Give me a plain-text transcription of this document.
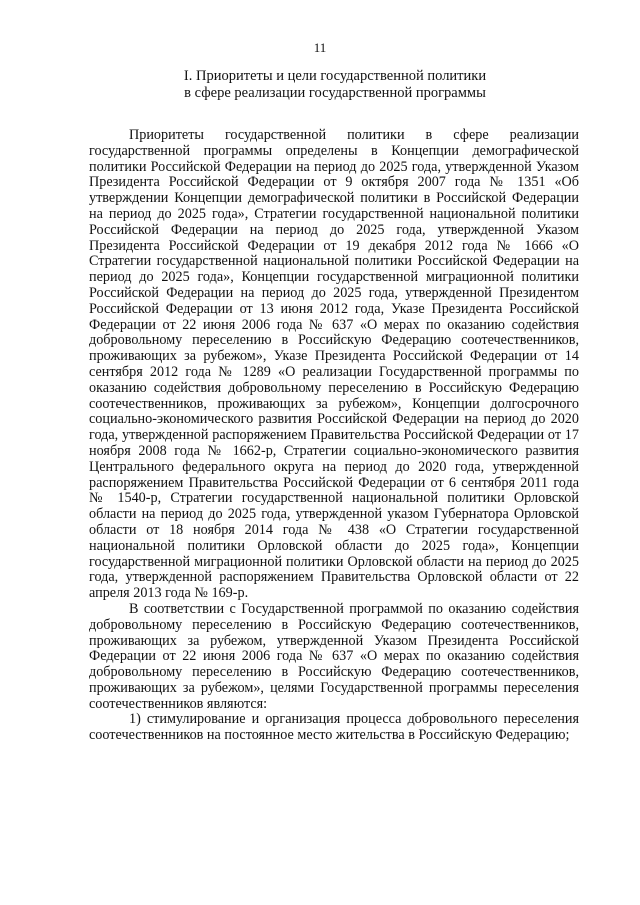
11
I. Приоритеты и цели государственной политики
в сфере реализации государственной программы

Приоритеты государственной политики в сфере реализации государственной программы определены в Концепции демографической политики Российской Федерации на период до 2025 года, утвержденной Указом Президента Российской Федерации от 9 октября 2007 года № 1351 «Об утверждении Концепции демографической политики в Российской Федерации на период до 2025 года», Стратегии государственной национальной политики Российской Федерации на период до 2025 года, утвержденной Указом Президента Российской Федерации от 19 декабря 2012 года № 1666 «О Стратегии государственной национальной политики Российской Федерации на период до 2025 года», Концепции государственной миграционной политики Российской Федерации на период до 2025 года, утвержденной Президентом Российской Федерации от 13 июня 2012 года, Указе Президента Российской Федерации от 22 июня 2006 года № 637 «О мерах по оказанию содействия добровольному переселению в Российскую Федерацию соотечественников, проживающих за рубежом», Указе Президента Российской Федерации от 14 сентября 2012 года № 1289 «О реализации Государственной программы по оказанию содействия добровольному переселению в Российскую Федерацию соотечественников, проживающих за рубежом», Концепции долгосрочного социально-экономического развития Российской Федерации на период до 2020 года, утвержденной распоряжением Правительства Российской Федерации от 17 ноября 2008 года № 1662-р, Стратегии социально-экономического развития Центрального федерального округа на период до 2020 года, утвержденной распоряжением Правительства Российской Федерации от 6 сентября 2011 года № 1540-р, Стратегии государственной национальной политики Орловской области на период до 2025 года, утвержденной указом Губернатора Орловской области от 18 ноября 2014 года № 438 «О Стратегии государственной национальной политики Орловской области до 2025 года», Концепции государственной миграционной политики Орловской области на период до 2025 года, утвержденной распоряжением Правительства Орловской области от 22 апреля 2013 года № 169-р.

В соответствии с Государственной программой по оказанию содействия добровольному переселению в Российскую Федерацию соотечественников, проживающих за рубежом, утвержденной Указом Президента Российской Федерации от 22 июня 2006 года № 637 «О мерах по оказанию содействия добровольному переселению в Российскую Федерацию соотечественников, проживающих за рубежом», целями Государственной программы переселения соотечественников являются:

1) стимулирование и организация процесса добровольного переселения соотечественников на постоянное место жительства в Российскую Федерацию;
